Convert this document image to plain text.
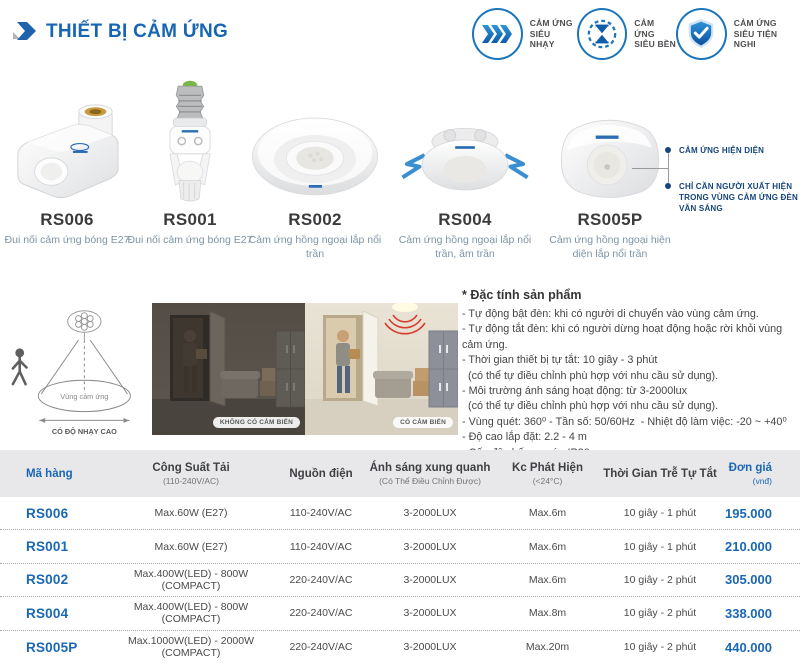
THIẾT BỊ CẢM ỨNG	CẢM ỨNG
SIÊU NHẠY
CẢM ỨNG
SIÊU BỀN
CẢM ỨNG
SIÊU TIỆN NGHI
RS006
Đui nối cảm ứng bóng E27
RS001
Đui nối cảm ứng bóng E27
RS002
Cảm ứng hồng ngoại lắp nổi trần
RS004
Cảm ứng hồng ngoại lắp nổi trần, âm trần
RS005P
Cảm ứng hồng ngoại hiện diện lắp nổi trần
CẢM ỨNG HIỆN DIỆN
CHỈ CẦN NGƯỜI XUẤT HIỆN TRONG VÙNG CẢM ỨNG ĐÈN VẪN SÁNG
Vùng cảm ứng
CÓ ĐỘ NHẠY CAO
KHÔNG CÓ CẢM BIẾN	CÓ CẢM BIẾN
* Đặc tính sản phẩm
- Tự động bật đèn: khi có người di chuyển vào vùng cảm ứng.
- Tự động tắt đèn: khi có người dừng hoạt động hoặc rời khỏi vùng cảm ứng.
- Thời gian thiết bị tự tắt: 10 giây - 3 phút
(có thể tự điều chỉnh phù hợp với nhu cầu sử dụng).
- Môi trường ánh sáng hoạt động: từ 3-2000lux
(có thể tự điều chỉnh phù hợp với nhu cầu sử dụng).
- Vùng quét: 360⁰ - Tần số: 50/60Hz  - Nhiệt độ làm việc: -20 ~ +40⁰
- Độ cao lắp đặt: 2.2 - 4 m
Mã hàng	Công Suất Tải
(110-240V/AC)
Nguồn điện	Ánh sáng xung quanh
(Có Thể Điều Chỉnh Được)
Kc Phát Hiện
(<24°C)
Thời Gian Trễ Tự Tắt	Đơn giá
(vnđ)
RS006	Max.60W (E27)	110-240V/AC	3-2000LUX	Max.6m	10 giây - 1 phút	195.000
RS001	Max.60W (E27)	110-240V/AC	3-2000LUX	Max.6m	10 giây - 1 phút	210.000
RS002	Max.400W(LED) - 800W (COMPACT)	220-240V/AC	3-2000LUX	Max.6m	10 giây - 2 phút	305.000
RS004	Max.400W(LED) - 800W (COMPACT)	220-240V/AC	3-2000LUX	Max.8m	10 giây - 2 phút	338.000
RS005P	Max.1000W(LED) - 2000W (COMPACT)	220-240V/AC	3-2000LUX	Max.20m	10 giây - 2 phút	440.000
